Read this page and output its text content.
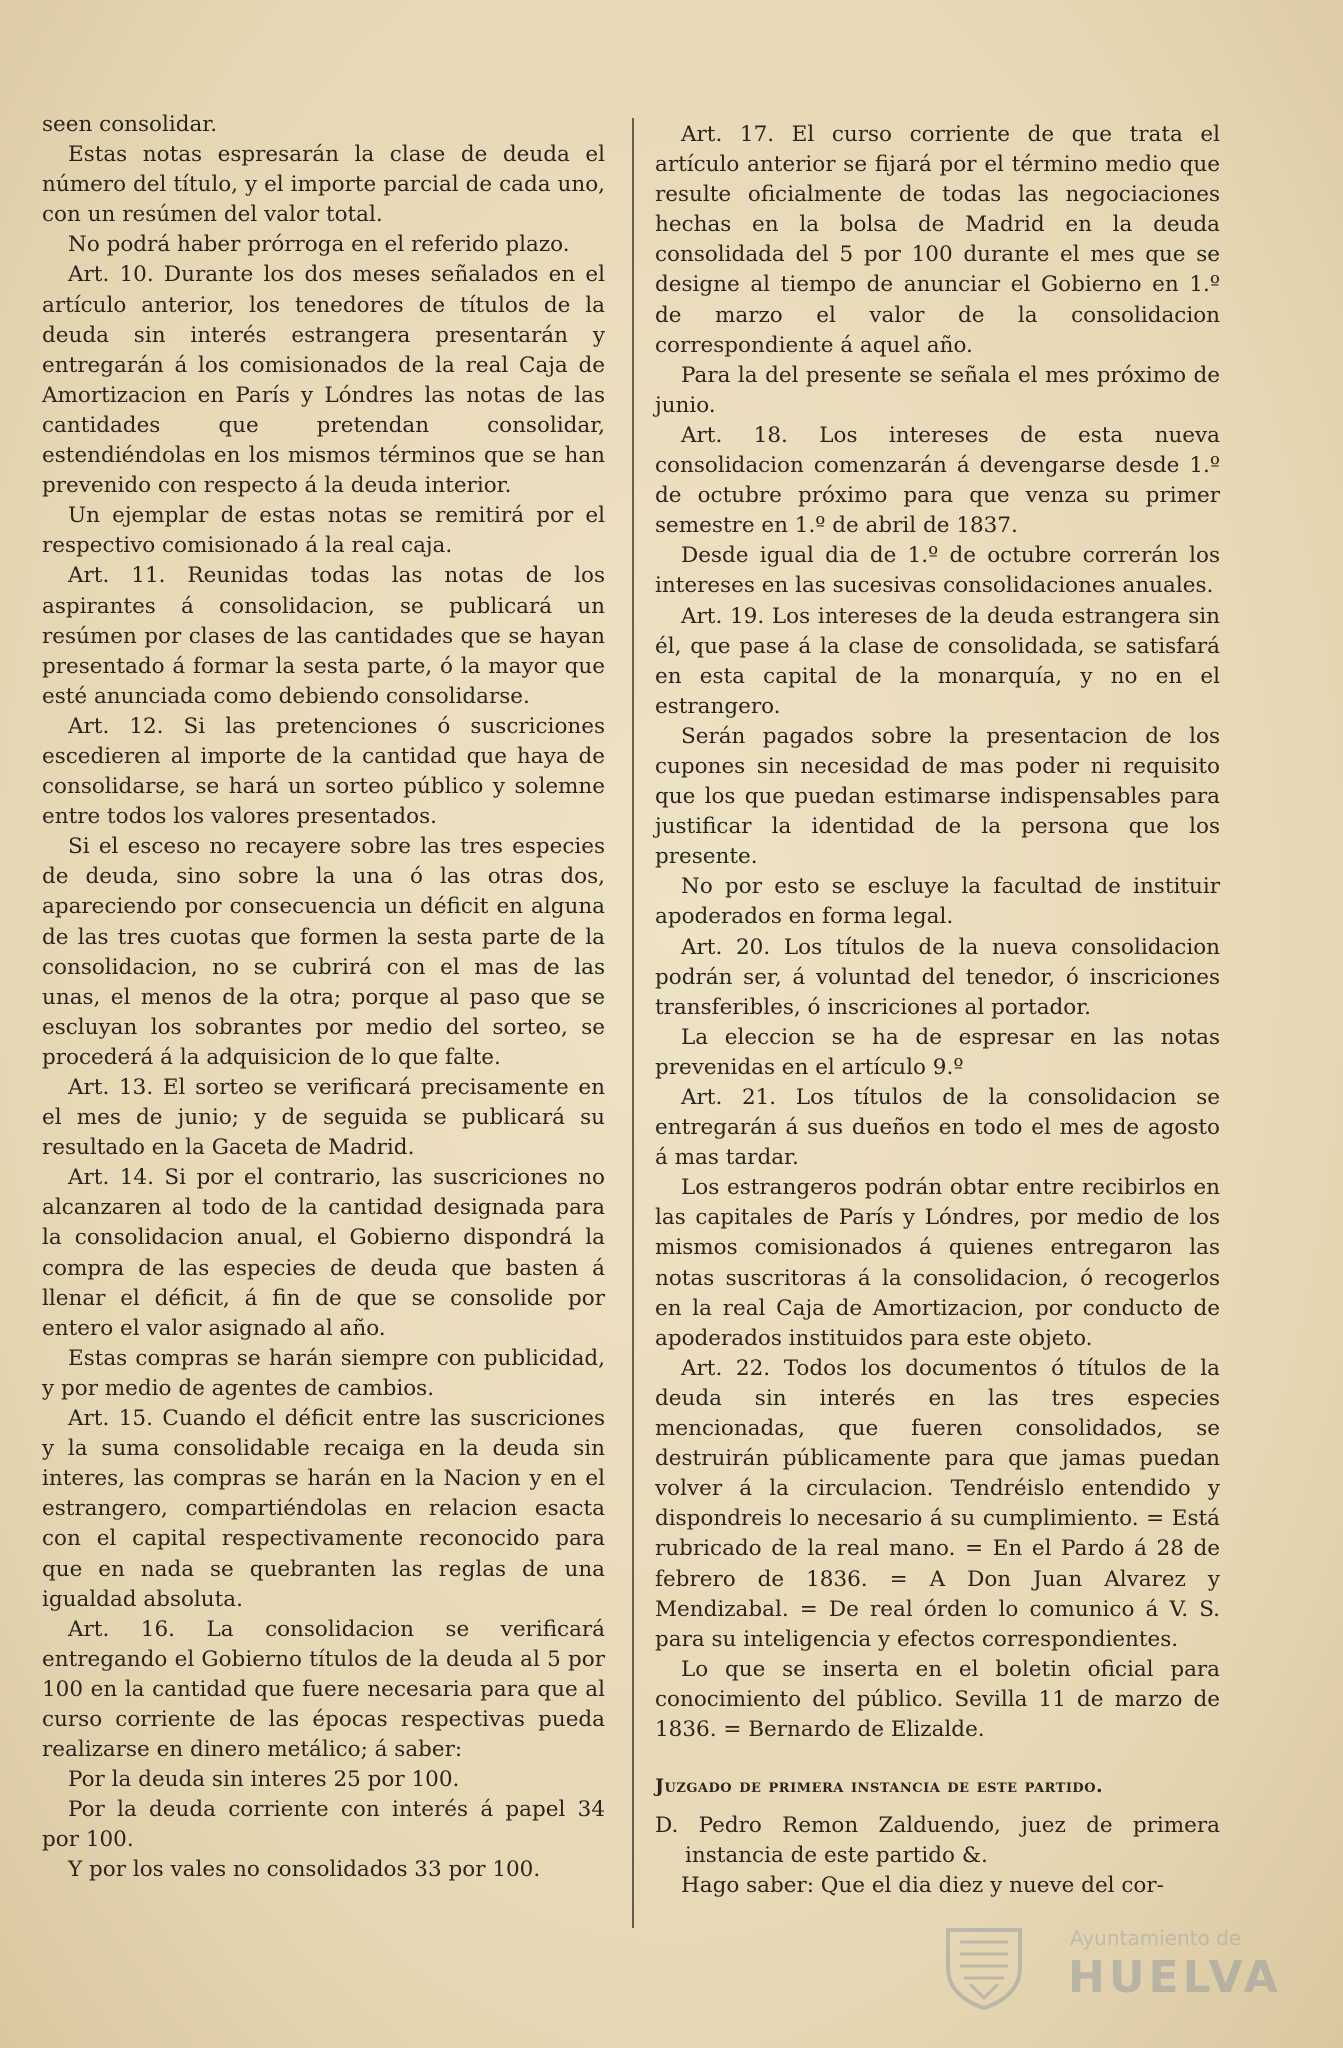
seen consolidar.

Estas notas espresarán la clase de deuda el número del título, y el importe parcial de cada uno, con un resúmen del valor total.

No podrá haber prórroga en el referido plazo.

Art. 10. Durante los dos meses señalados en el artículo anterior, los tenedores de títulos de la deuda sin interés estrangera presentarán y entregarán á los comisionados de la real Caja de Amortizacion en París y Lóndres las notas de las cantidades que pretendan consolidar, estendiéndolas en los mismos términos que se han prevenido con respecto á la deuda interior.

Un ejemplar de estas notas se remitirá por el respectivo comisionado á la real caja.

Art. 11. Reunidas todas las notas de los aspirantes á consolidacion, se publicará un resúmen por clases de las cantidades que se hayan presentado á formar la sesta parte, ó la mayor que esté anunciada como debiendo consolidarse.

Art. 12. Si las pretenciones ó suscriciones escedieren al importe de la cantidad que haya de consolidarse, se hará un sorteo público y solemne entre todos los valores presentados.

Si el esceso no recayere sobre las tres especies de deuda, sino sobre la una ó las otras dos, apareciendo por consecuencia un déficit en alguna de las tres cuotas que formen la sesta parte de la consolidacion, no se cubrirá con el mas de las unas, el menos de la otra; porque al paso que se escluyan los sobrantes por medio del sorteo, se procederá á la adquisicion de lo que falte.

Art. 13. El sorteo se verificará precisamente en el mes de junio; y de seguida se publicará su resultado en la Gaceta de Madrid.

Art. 14. Si por el contrario, las suscriciones no alcanzaren al todo de la cantidad designada para la consolidacion anual, el Gobierno dispondrá la compra de las especies de deuda que basten á llenar el déficit, á fin de que se consolide por entero el valor asignado al año.

Estas compras se harán siempre con publicidad, y por medio de agentes de cambios.

Art. 15. Cuando el déficit entre las suscriciones y la suma consolidable recaiga en la deuda sin interes, las compras se harán en la Nacion y en el estrangero, compartiéndolas en relacion esacta con el capital respectivamente reconocido para que en nada se quebranten las reglas de una igualdad absoluta.

Art. 16. La consolidacion se verificará entregando el Gobierno títulos de la deuda al 5 por 100 en la cantidad que fuere necesaria para que al curso corriente de las épocas respectivas pueda realizarse en dinero metálico; á saber:

Por la deuda sin interes 25 por 100.

Por la deuda corriente con interés á papel 34 por 100.

Y por los vales no consolidados 33 por 100.

Art. 17. El curso corriente de que trata el artículo anterior se fijará por el término medio que resulte oficialmente de todas las negociaciones hechas en la bolsa de Madrid en la deuda consolidada del 5 por 100 durante el mes que se designe al tiempo de anunciar el Gobierno en 1.º de marzo el valor de la consolidacion correspondiente á aquel año.

Para la del presente se señala el mes próximo de junio.

Art. 18. Los intereses de esta nueva consolidacion comenzarán á devengarse desde 1.º de octubre próximo para que venza su primer semestre en 1.º de abril de 1837.

Desde igual dia de 1.º de octubre correrán los intereses en las sucesivas consolidaciones anuales.

Art. 19. Los intereses de la deuda estrangera sin él, que pase á la clase de consolidada, se satisfará en esta capital de la monarquía, y no en el estrangero.

Serán pagados sobre la presentacion de los cupones sin necesidad de mas poder ni requisito que los que puedan estimarse indispensables para justificar la identidad de la persona que los presente.

No por esto se escluye la facultad de instituir apoderados en forma legal.

Art. 20. Los títulos de la nueva consolidacion podrán ser, á voluntad del tenedor, ó inscriciones transferibles, ó inscriciones al portador.

La eleccion se ha de espresar en las notas prevenidas en el artículo 9.º

Art. 21. Los títulos de la consolidacion se entregarán á sus dueños en todo el mes de agosto á mas tardar.

Los estrangeros podrán obtar entre recibirlos en las capitales de París y Lóndres, por medio de los mismos comisionados á quienes entregaron las notas suscritoras á la consolidacion, ó recogerlos en la real Caja de Amortizacion, por conducto de apoderados instituidos para este objeto.

Art. 22. Todos los documentos ó títulos de la deuda sin interés en las tres especies mencionadas, que fueren consolidados, se destruirán públicamente para que jamas puedan volver á la circulacion. Tendréislo entendido y dispondreis lo necesario á su cumplimiento. = Está rubricado de la real mano. = En el Pardo á 28 de febrero de 1836. = A Don Juan Alvarez y Mendizabal. = De real órden lo comunico á V. S. para su inteligencia y efectos correspondientes.

Lo que se inserta en el boletin oficial para conocimiento del público. Sevilla 11 de marzo de 1836. = Bernardo de Elizalde.

Juzgado de primera instancia de este partido.

D. Pedro Remon Zalduendo, juez de primera instancia de este partido &.

Hago saber: Que el dia diez y nueve del cor-

Ayuntamiento de
HUELVA
